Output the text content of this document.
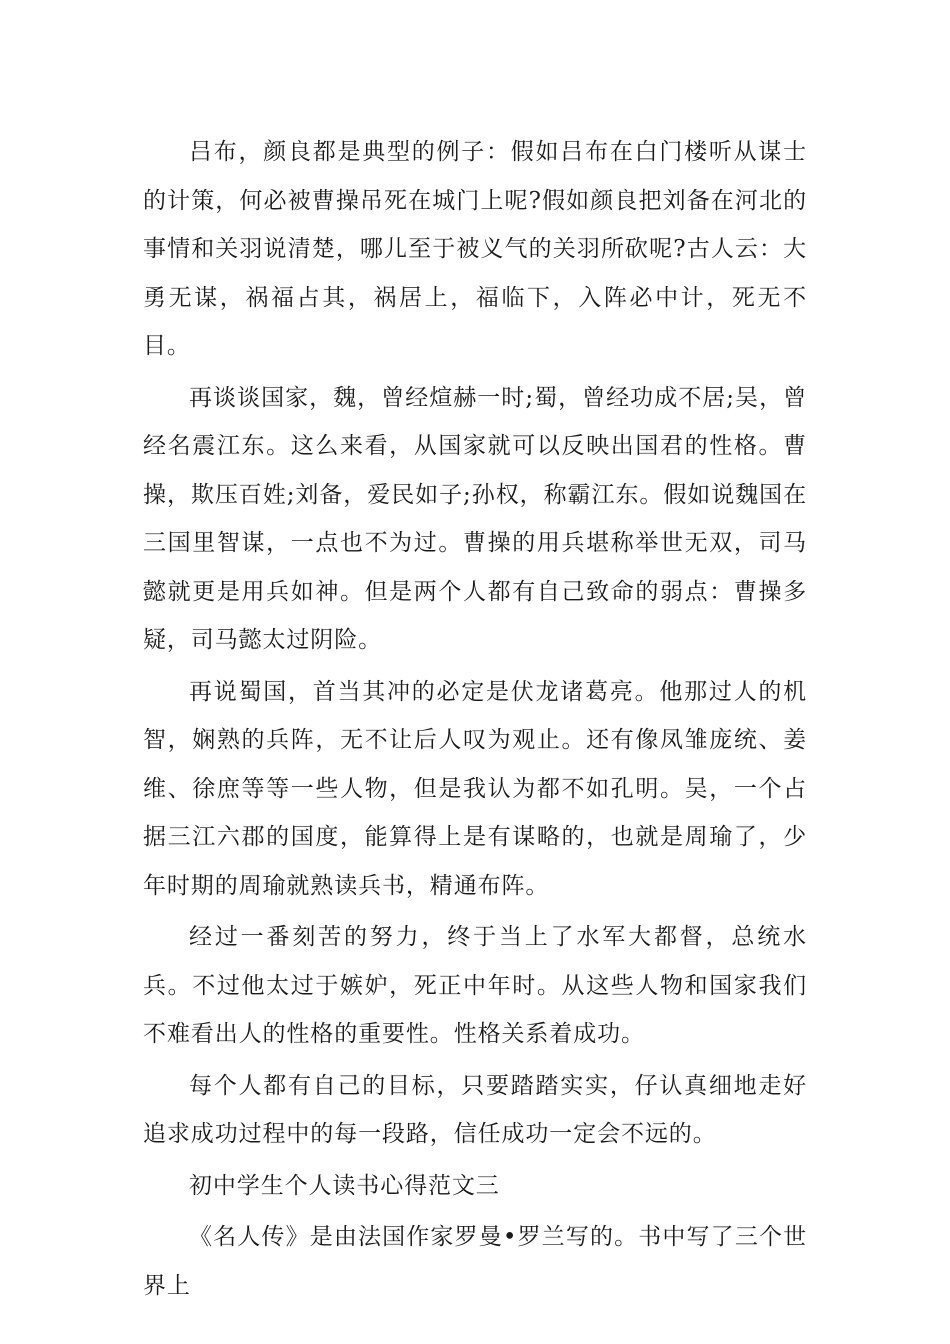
吕布，颜良都是典型的例子：假如吕布在白门楼听从谋士的计策，何必被曹操吊死在城门上呢?假如颜良把刘备在河北的事情和关羽说清楚，哪儿至于被义气的关羽所砍呢?古人云：大勇无谋，祸福占其，祸居上，福临下，入阵必中计，死无不目。

再谈谈国家，魏，曾经煊赫一时;蜀，曾经功成不居;吴，曾经名震江东。这么来看，从国家就可以反映出国君的性格。曹操，欺压百姓;刘备，爱民如子;孙权，称霸江东。假如说魏国在三国里智谋，一点也不为过。曹操的用兵堪称举世无双，司马懿就更是用兵如神。但是两个人都有自己致命的弱点：曹操多疑，司马懿太过阴险。

再说蜀国，首当其冲的必定是伏龙诸葛亮。他那过人的机智，娴熟的兵阵，无不让后人叹为观止。还有像凤雏庞统、姜维、徐庶等等一些人物，但是我认为都不如孔明。吴，一个占据三江六郡的国度，能算得上是有谋略的，也就是周瑜了，少年时期的周瑜就熟读兵书，精通布阵。

经过一番刻苦的努力，终于当上了水军大都督，总统水兵。不过他太过于嫉妒，死正中年时。从这些人物和国家我们不难看出人的性格的重要性。性格关系着成功。

每个人都有自己的目标，只要踏踏实实，仔认真细地走好追求成功过程中的每一段路，信任成功一定会不远的。

初中学生个人读书心得范文三

《名人传》是由法国作家罗曼•罗兰写的。书中写了三个世界上
